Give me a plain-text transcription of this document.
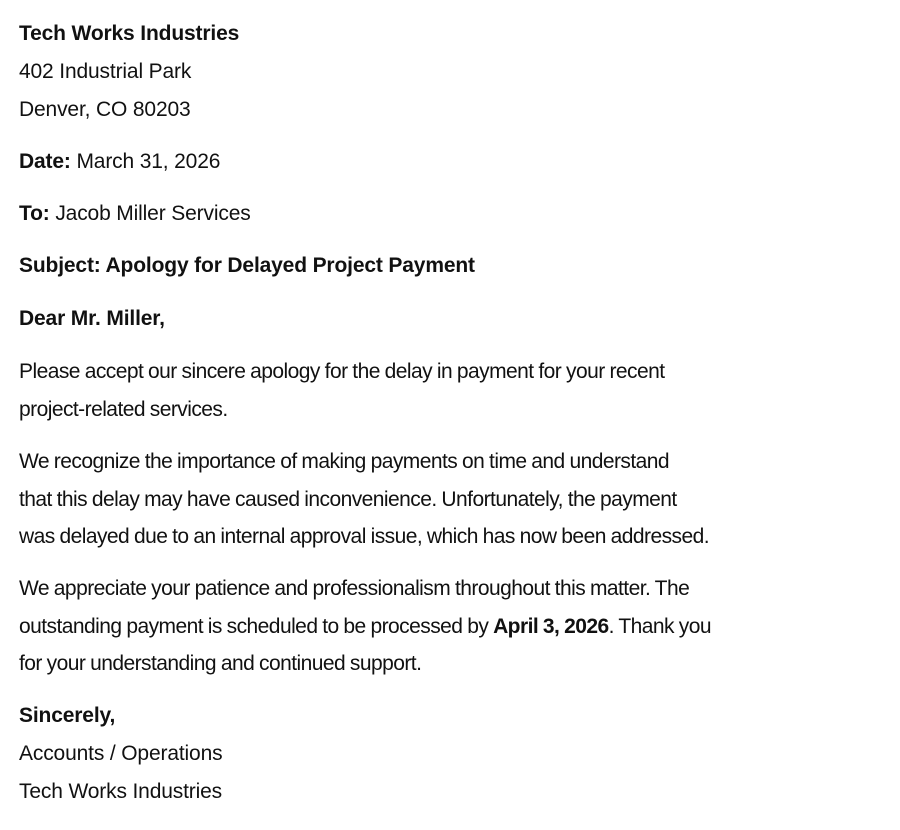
Tech Works Industries
402 Industrial Park
Denver, CO 80203
Date: March 31, 2026
To: Jacob Miller Services
Subject: Apology for Delayed Project Payment
Dear Mr. Miller,
Please accept our sincere apology for the delay in payment for your recent
project-related services.
We recognize the importance of making payments on time and understand
that this delay may have caused inconvenience. Unfortunately, the payment
was delayed due to an internal approval issue, which has now been addressed.
We appreciate your patience and professionalism throughout this matter. The
outstanding payment is scheduled to be processed by April 3, 2026. Thank you
for your understanding and continued support.
Sincerely,
Accounts / Operations
Tech Works Industries
